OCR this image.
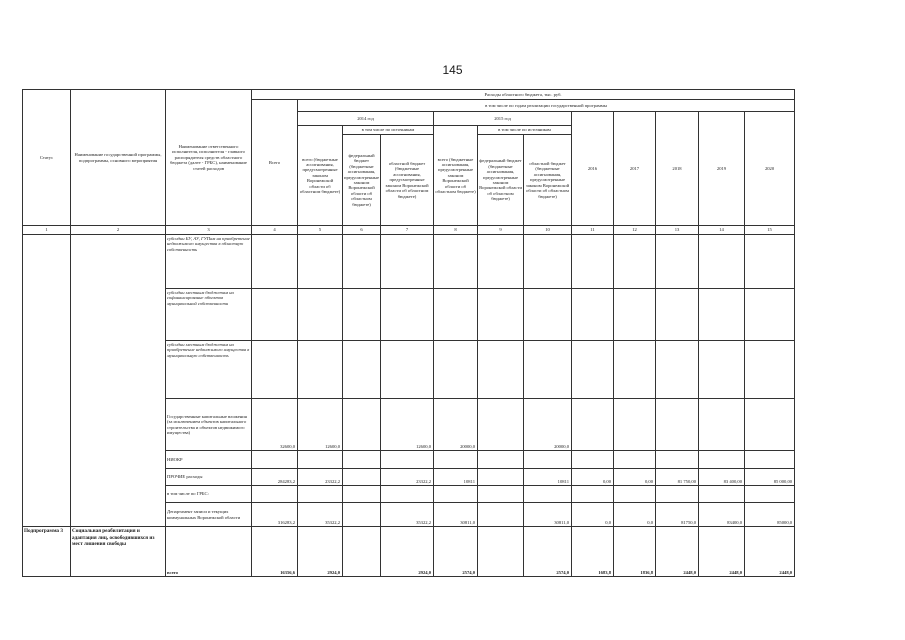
145
Статус	Наименование государственной программы, подпрограммы, основного мероприятия	Наименование ответственного исполнителя, исполнителя - главного распорядителя средств областного бюджета (далее - ГРБС), наименование статей расходов	Расходы областного бюджета, тыс. руб.											
			Всего	в том числе по годам реализации государственной программы										
				2014 год			2015 год			2016	2017	2018	2019	2020
				всего (бюджетные ассигнования, предусмотренные законом Воронежской области об областном бюджете)	в том числе по источникам		всего (бюджетные ассигнования, предусмотренные законом Воронежской области об областном бюджете)	в том числе по источникам						
					федеральный бюджет (бюджетные ассигнования, предусмотренные законом Воронежской области об областном бюджете)	областной бюджет (бюджетные ассигнования, предусмотренные законом Воронежской области об областном бюджете)		федеральный бюджет (бюджетные ассигнования, предусмотренные законом Воронежской области об областном бюджете)	областной бюджет (бюджетные ассигнования, предусмотренные законом Воронежской области об областном бюджете)					
1	2	3	4	5	6	7	8	9	10	11	12	13	14	15
		субсидии БУ, АУ, ГУПам на приобретение недвижимого имущества в областную собственность												
		субсидии местным бюджетам на софинансирование объектов муниципальной собственности												
		субсидии местным бюджетам на приобретение недвижимого имущества в муниципальную собственность												
		Государственные капитальные вложения (за исключением объектов капитального строительства и объектов недвижимого имущества)	32600,0	12600,0		12600,0	20000,0		20000,0					
		НИОКР												
		ПРОЧИЕ расходы	284283,2	23322,2		23322,2	10811		10811	0,00	0,00	81 750,00	83 400,00	85 000,00
		в том числе по ГРБС:												
		Департамент записи и текущих коммунальных Воронежской области	316283,2	35322,2		35322,2	30811,0		30811,0	0,0	0,0	81750,0	83400,0	85000,0
Подпрограмма 3	Социальная реабилитация и адаптация лиц, освободившихся из мест лишения свободы	всего	16356,6	2924,0		2924,0	2574,0		2574,0	1683,8	1836,8	2448,0	2448,0	2448,0
